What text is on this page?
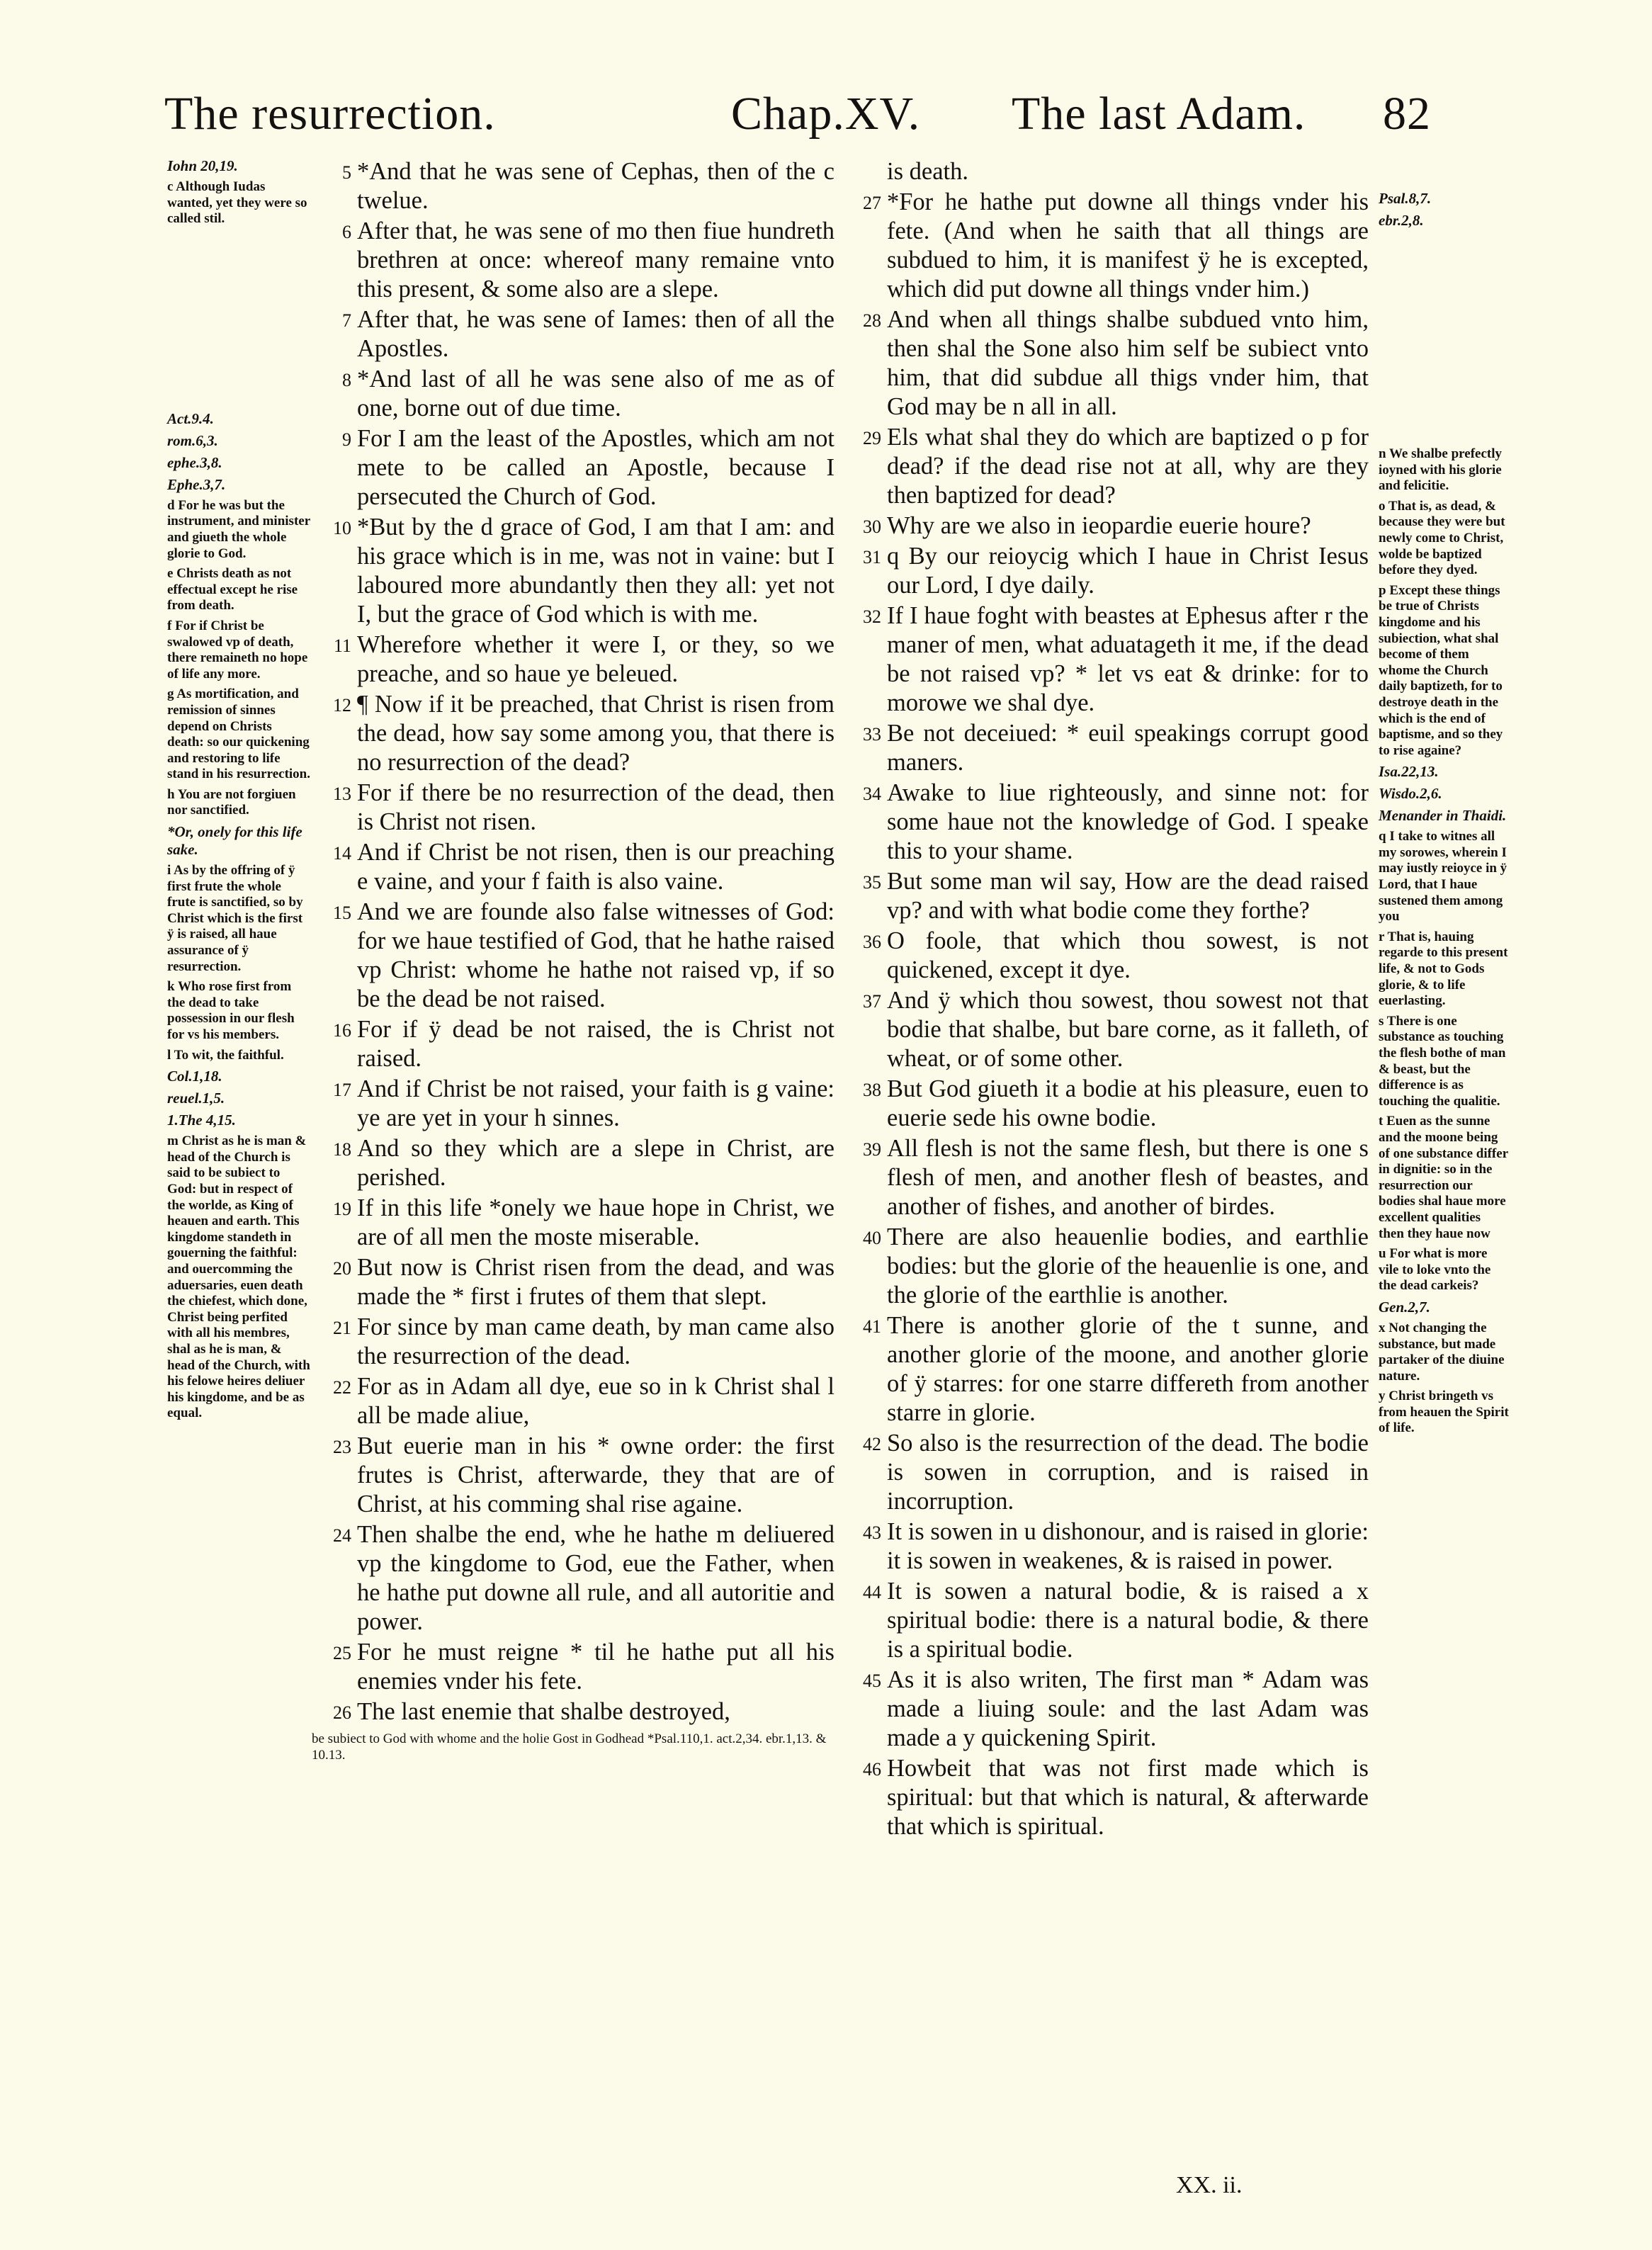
The resurrection.	Chap.XV. The last Adam. 82
Iohn 20,19.
c Although Iudas wanted, yet they were so called stil.
Act.9.4.
rom.6,3.
ephe.3,8.
Ephe.3,7.
d For he was but the instrument, and minister and giueth the whole glorie to God.
e Christs death as not effectual except he rise from death.
f For if Christ be swalowed vp of death, there remaineth no hope of life any more.
g As mortification, and remission of sinnes depend on Christs death: so our quickening and restoring to life stand in his resurrection.
h You are not forgiuen nor sanctified.
*Or, onely for this life sake.
i As by the offring of ÿ first frute the whole frute is sanctified, so by Christ which is the first ÿ is raised, all haue assurance of ÿ resurrection.
k Who rose first from the dead to take possession in our flesh for vs his members.
l To wit, the faithful.
Col.1,18.
reuel.1,5.
1.The 4,15.
m Christ as he is man & head of the Church is said to be subiect to God: but in respect of the worlde, as King of heauen and earth. This kingdome standeth in gouerning the faithful: and ouercomming the aduersaries, euen death the chiefest, which done, Christ being perfited with all his membres, shal as he is man, & head of the Church, with his felowe heires deliuer his kingdome, and be as equal.
5 *And that he was sene of Cephas, then of the c twelue.
6 After that, he was sene of mo then fiue hundreth brethren at once: whereof many remaine vnto this present, & some also are a slepe.
7 After that, he was sene of Iames: then of all the Apostles.
8 *And last of all he was sene also of me as of one, borne out of due time.
9 For I am the least of the Apostles, which am not mete to be called an Apostle, because I persecuted the Church of God.
10 *But by the d grace of God, I am that I am: and his grace which is in me, was not in vaine: but I laboured more abundantly then they all: yet not I, but the grace of God which is with me.
11 Wherefore whether it were I, or they, so we preache, and so haue ye beleued.
12 ¶ Now if it be preached, that Christ is risen from the dead, how say some among you, that there is no resurrection of the dead?
13 For if there be no resurrection of the dead, then is Christ not risen.
14 And if Christ be not risen, then is our preaching e vaine, and your f faith is also vaine.
15 And we are founde also false witnesses of God: for we haue testified of God, that he hathe raised vp Christ: whome he hathe not raised vp, if so be the dead be not raised.
16 For if ÿ dead be not raised, the is Christ not raised.
17 And if Christ be not raised, your faith is g vaine: ye are yet in your h sinnes.
18 And so they which are a slepe in Christ, are perished.
19 If in this life *onely we haue hope in Christ, we are of all men the moste miserable.
20 But now is Christ risen from the dead, and was made the * first i frutes of them that slept.
21 For since by man came death, by man came also the resurrection of the dead.
22 For as in Adam all dye, eue so in k Christ shal l all be made aliue,
23 But euerie man in his * owne order: the first frutes is Christ, afterwarde, they that are of Christ, at his comming shal rise againe.
24 Then shalbe the end, whe he hathe m deliuered vp the kingdome to God, eue the Father, when he hathe put downe all rule, and all autoritie and power.
25 For he must reigne * til he hathe put all his enemies vnder his fete.
26 The last enemie that shalbe destroyed,
be subiect to God with whome and the holie Gost in Godhead *Psal.110,1. act.2,34. ebr.1,13. & 10.13.
is death.
27 *For he hathe put downe all things vnder his fete. (And when he saith that all things are subdued to him, it is manifest ÿ he is excepted, which did put downe all things vnder him.)
28 And when all things shalbe subdued vnto him, then shal the Sone also him self be subiect vnto him, that did subdue all thigs vnder him, that God may be n all in all.
29 Els what shal they do which are baptized o p for dead? if the dead rise not at all, why are they then baptized for dead?
30 Why are we also in ieopardie euerie houre?
31 q By our reioycig which I haue in Christ Iesus our Lord, I dye daily.
32 If I haue foght with beastes at Ephesus after r the maner of men, what aduatageth it me, if the dead be not raised vp? * let vs eat & drinke: for to morowe we shal dye.
33 Be not deceiued: * euil speakings corrupt good maners.
34 Awake to liue righteously, and sinne not: for some haue not the knowledge of God. I speake this to your shame.
35 But some man wil say, How are the dead raised vp? and with what bodie come they forthe?
36 O foole, that which thou sowest, is not quickened, except it dye.
37 And ÿ which thou sowest, thou sowest not that bodie that shalbe, but bare corne, as it falleth, of wheat, or of some other.
38 But God giueth it a bodie at his pleasure, euen to euerie sede his owne bodie.
39 All flesh is not the same flesh, but there is one s flesh of men, and another flesh of beastes, and another of fishes, and another of birdes.
40 There are also heauenlie bodies, and earthlie bodies: but the glorie of the heauenlie is one, and the glorie of the earthlie is another.
41 There is another glorie of the t sunne, and another glorie of the moone, and another glorie of ÿ starres: for one starre differeth from another starre in glorie.
42 So also is the resurrection of the dead. The bodie is sowen in corruption, and is raised in incorruption.
43 It is sowen in u dishonour, and is raised in glorie: it is sowen in weakenes, & is raised in power.
44 It is sowen a natural bodie, & is raised a x spiritual bodie: there is a natural bodie, & there is a spiritual bodie.
45 As it is also writen, The first man * Adam was made a liuing soule: and the last Adam was made a y quickening Spirit.
46 Howbeit that was not first made which is spiritual: but that which is natural, & afterwarde that which is spiritual.
Psal.8,7.
ebr.2,8.
n We shalbe prefectly ioyned with his glorie and felicitie.
o That is, as dead, & because they were but newly come to Christ, wolde be baptized before they dyed.
p Except these things be true of Christs kingdome and his subiection, what shal become of them whome the Church daily baptizeth, for to destroye death in the which is the end of baptisme, and so they to rise againe?
Isa.22,13.
Wisdo.2,6.
Menander in Thaidi.
q I take to witnes all my sorowes, wherein I may iustly reioyce in ÿ Lord, that I haue sustened them among you
r That is, hauing regarde to this present life, & not to Gods glorie, & to life euerlasting.
s There is one substance as touching the flesh bothe of man & beast, but the difference is as touching the qualitie.
t Euen as the sunne and the moone being of one substance differ in dignitie: so in the resurrection our bodies shal haue more excellent qualities then they haue now
u For what is more vile to loke vnto the the dead carkeis?
Gen.2,7.
x Not changing the substance, but made partaker of the diuine nature.
y Christ bringeth vs from heauen the Spirit of life.
XX. ii.
